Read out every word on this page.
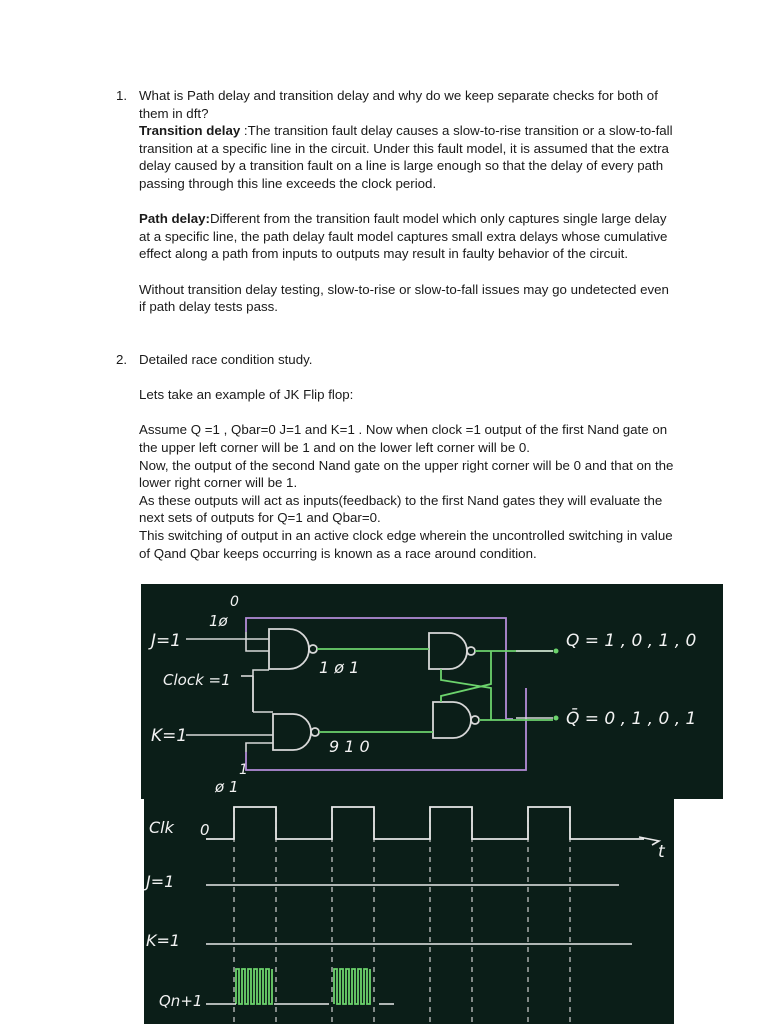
1. What is Path delay and transition delay and why do we keep separate checks for both of them in dft?

Transition delay :The transition fault delay causes a slow-to-rise transition or a slow-to-fall transition at a specific line in the circuit. Under this fault model, it is assumed that the extra delay caused by a transition fault on a line is large enough so that the delay of every path passing through this line exceeds the clock period.

Path delay:Different from the transition fault model which only captures single large delay at a specific line, the path delay fault model captures small extra delays whose cumulative effect along a path from inputs to outputs may result in faulty behavior of the circuit.

Without transition delay testing, slow-to-rise or slow-to-fall issues may go undetected even if path delay tests pass.

2. Detailed race condition study.

Lets take an example of JK Flip flop:

Assume Q =1 , Qbar=0 J=1 and K=1 . Now when clock =1 output of the first Nand gate on the upper left corner will be 1 and on the lower left corner will be 0.

Now, the output of the second Nand gate on the upper right corner will be 0 and that on the lower right corner will be 1.

As these outputs will act as inputs(feedback) to the first Nand gates they will evaluate the next sets of outputs for Q=1 and Qbar=0.

This switching of output in an active clock edge wherein the uncontrolled switching in value of Qand Qbar keeps occurring is known as a race around condition.

J=1
Clock =1
K=1
0
1ø
1 ø 1
9 1 0
1
ø 1
Q = 1 , 0 , 1 , 0
Q̄ = 0 , 1 , 0 , 1
Clk 0
t
J=1
K=1
Qn+1
